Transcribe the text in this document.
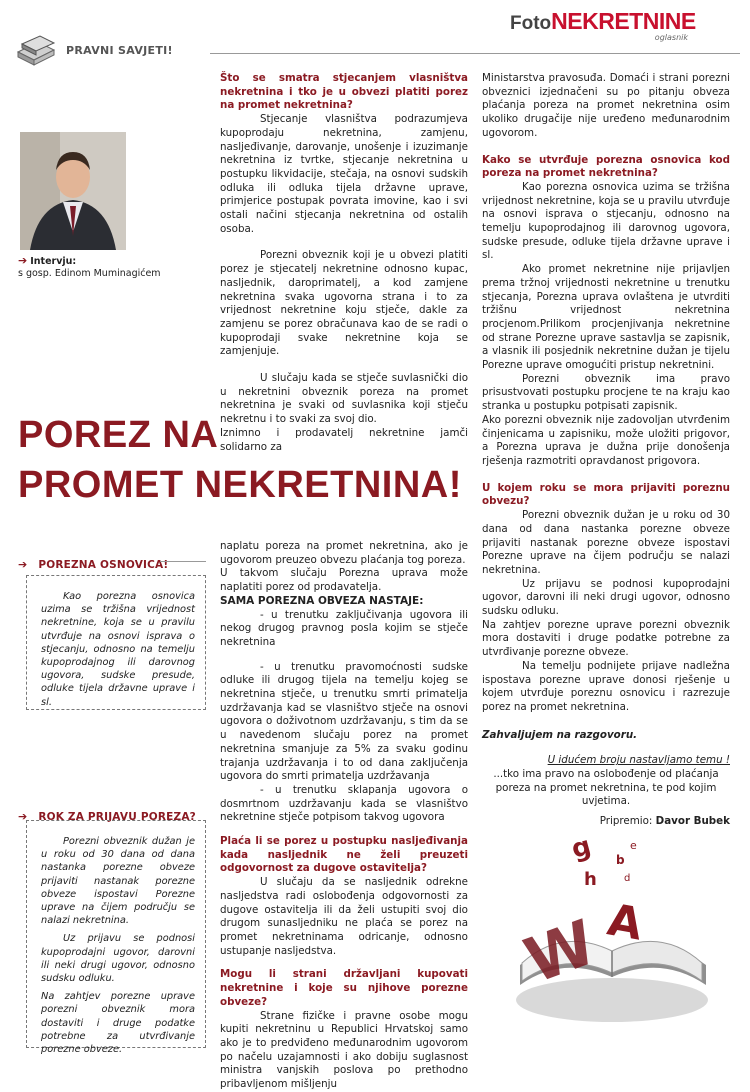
PRAVNI SAVJETI!
FotoNEKRETNINE
oglasnik
➔ Intervju:
s gosp. Edinom Muminagićem

Što se smatra stjecanjem vlasništva nekretnina i tko je u obvezi platiti porez na promet nekretnina?

Stjecanje vlasništva podrazumjeva kupoprodaju nekretnina, zamjenu, nasljeđivanje, darovanje, unošenje i izuzimanje nekretnina iz tvrtke, stjecanje nekretnina u postupku likvidacije, stečaja, na osnovi sudskih odluka ili odluka tijela državne uprave, primjerice postupak povrata imovine, kao i svi ostali načini stjecanja nekretnina od ostalih osoba.

Porezni obveznik koji je u obvezi platiti porez je stjecatelj nekretnine odnosno kupac, nasljednik, daroprimatelj, a kod zamjene nekretnina svaka ugovorna strana i to za vrijednost nekretnine koju stječe, dakle za zamjenu se porez obračunava kao de se radi o kupoprodaji svake nekretnine koja se zamjenjuje.

U slučaju kada se stječe suvlasnički dio u nekretnini obveznik poreza na promet nekretnina je svaki od suvlasnika koji stječu nekretnu i to svaki za svoj dio.

Iznimno i prodavatelj nekretnine jamči solidarno za

Ministarstva pravosuđa. Domaći i strani porezni obveznici izjednačeni su po pitanju obveza plaćanja poreza na promet nekretnina osim ukoliko drugačije nije uređeno međunarodnim ugovorom.

Kako se utvrđuje porezna osnovica kod poreza na promet nekretnina?

Kao porezna osnovica uzima se tržišna vrijednost nekretnine, koja se u pravilu utvrđuje na osnovi isprava o stjecanju, odnosno na temelju kupoprodajnog ili darovnog ugovora, sudske presude, odluke tijela državne uprave i sl.

Ako promet nekretnine nije prijavljen prema tržnoj vrijednosti nekretnine u trenutku stjecanja, Porezna uprava ovlaštena je utvrditi tržišnu vrijednost nekretnina procjenom.Prilikom procjenjivanja nekretnine od strane Porezne uprave sastavlja se zapisnik, a vlasnik ili posjednik nekretnine dužan je tijelu Porezne uprave omogućiti pristup nekretnini.

Porezni obveznik ima pravo prisustvovati postupku procjene te na kraju kao stranka u postupku potpisati zapisnik.

Ako porezni obveznik nije zadovoljan utvrđenim činjenicama u zapisniku, može uložiti prigovor, a Porezna uprava je dužna prije donošenja rješenja razmotriti opravdanost prigovora.

U kojem roku se mora prijaviti poreznu obvezu?

Porezni obveznik dužan je u roku od 30 dana od dana nastanka porezne obveze prijaviti nastanak porezne obveze ispostavi Porezne uprave na čijem području se nalazi nekretnina.

Uz prijavu se podnosi kupoprodajni ugovor, darovni ili neki drugi ugovor, odnosno sudsku odluku.

Na zahtjev porezne uprave porezni obveznik mora dostaviti i druge podatke potrebne za utvrđivanje porezne obveze.

Na temelju podnijete prijave nadležna ispostava porezne uprave donosi rješenje u kojem utvrđuje poreznu osnovicu i razrezuje porez na promet nekretnina.

Zahvaljujem na razgovoru.

U idućem broju nastavljamo temu !

...tko ima pravo na oslobođenje od plaćanja poreza na promet nekretnina, te pod kojim uvjetima.

Pripremio: Davor Bubek

POREZ NA
PROMET NEKRETNINA!
➔ POREZNA OSNOVICA!

Kao porezna osnovica uzima se tržišna vrijednost nekretnine, koja se u pravilu utvrđuje na osnovi isprava o stjecanju, odnosno na temelju kupoprodajnog ili darovnog ugovora, sudske presude, odluke tijela državne uprave i sl.

➔ ROK ZA PRIJAVU POREZA?

Porezni obveznik dužan je u roku od 30 dana od dana nastanka porezne obveze prijaviti nastanak porezne obveze ispostavi Porezne uprave na čijem području se nalazi nekretnina.

Uz prijavu se podnosi kupoprodajni ugovor, darovni ili neki drugi ugovor, odnosno sudsku odluku.

Na zahtjev porezne uprave porezni obveznik mora dostaviti i druge podatke potrebne za utvrđivanje porezne obveze.

naplatu poreza na promet nekretnina, ako je ugovorom preuzeo obvezu plaćanja tog poreza.

U takvom slučaju Porezna uprava može naplatiti porez od prodavatelja.

SAMA POREZNA OBVEZA NASTAJE:

- u trenutku zaključivanja ugovora ili nekog drugog pravnog posla kojim se stječe nekretnina

- u trenutku pravomoćnosti sudske odluke ili drugog tijela na temelju kojeg se nekretnina stječe, u trenutku smrti primatelja uzdržavanja kad se vlasništvo stječe na osnovi ugovora o doživotnom uzdržavanju, s tim da se u navedenom slučaju porez na promet nekretnina smanjuje za 5% za svaku godinu trajanja uzdržavanja i to od dana zaključenja ugovora do smrti primatelja uzdržavanja

- u trenutku sklapanja ugovora o dosmrtnom uzdržavanju kada se vlasništvo nekretnine stječe potpisom takvog ugovora

Plaća li se porez u postupku nasljeđivanja kada nasljednik ne želi preuzeti odgovornost za dugove ostavitelja?

U slučaju da se nasljednik odrekne nasljedstva radi oslobođenja odgovornosti za dugove ostavitelja ili da želi ustupiti svoj dio drugom sunasljedniku ne plaća se porez na promet nekretninama odricanje, odnosno ustupanje nasljedstva.

Mogu li strani državljani kupovati nekretnine i koje su njihove porezne obveze?

Strane fizičke i pravne osobe mogu kupiti nekretninu u Republici Hrvatskoj samo ako je to predviđeno međunarodnim ugovorom po načelu uzajamnosti i ako dobiju suglasnost ministra vanjskih poslova po prethodno pribavljenom mišljenju

g b
e
h	d
W A
